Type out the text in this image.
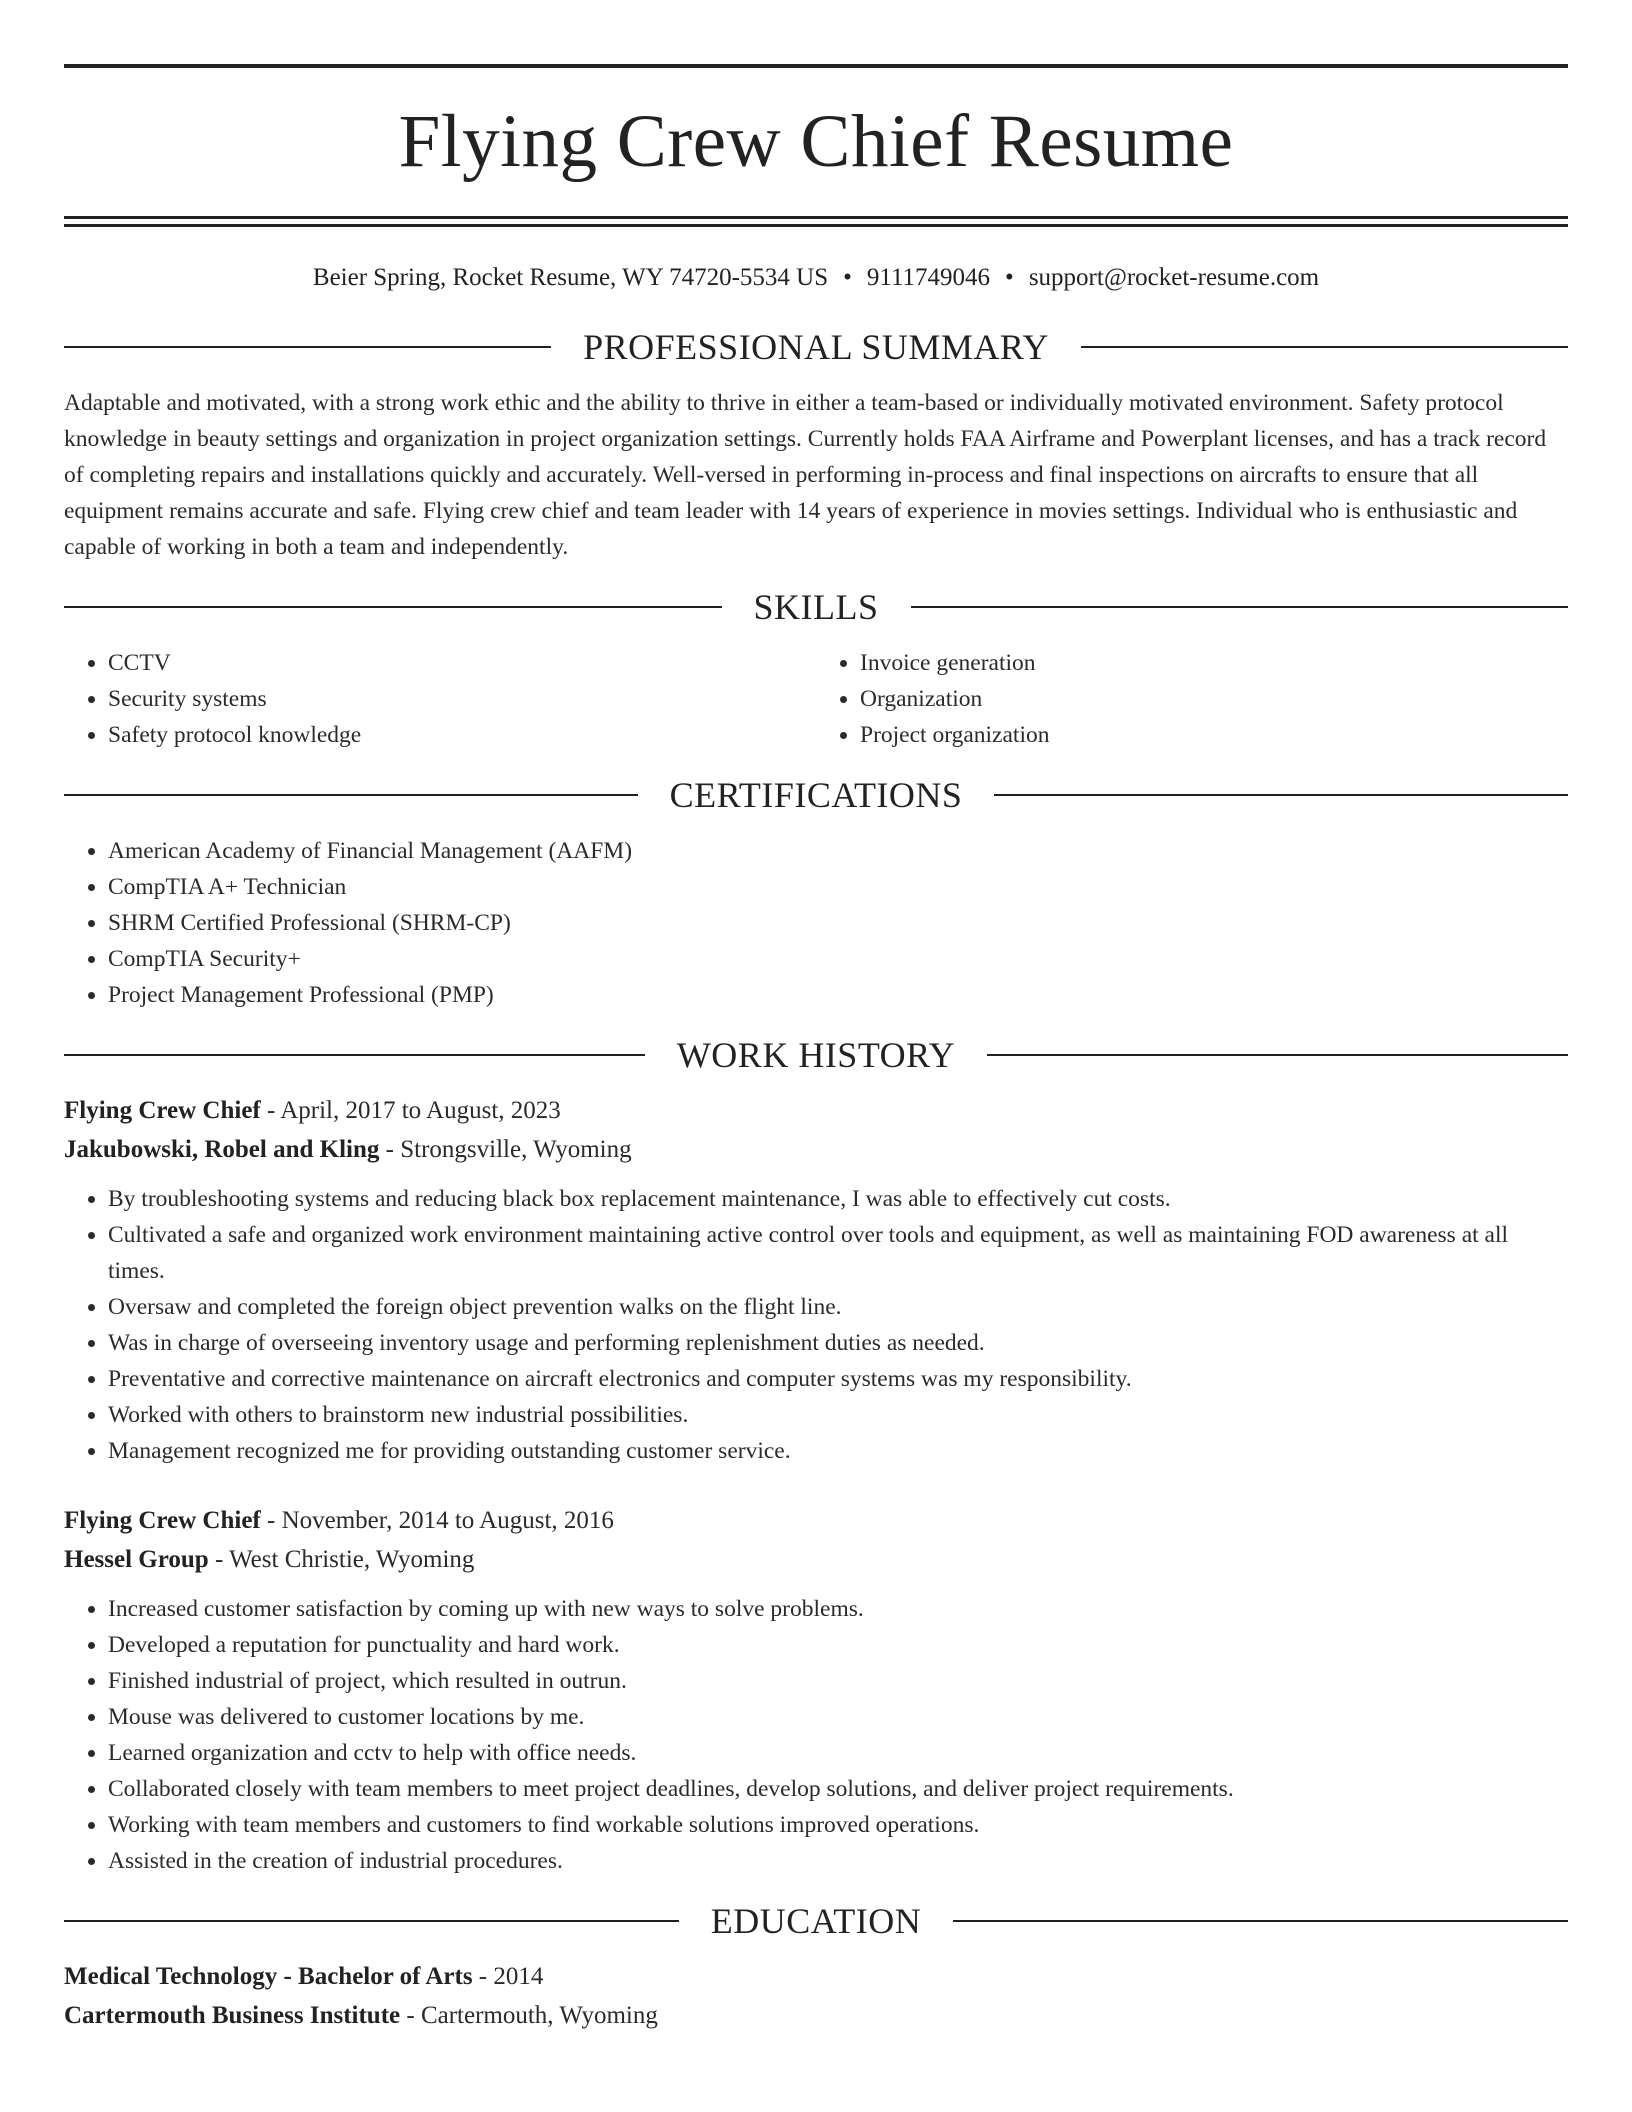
Flying Crew Chief Resume
Beier Spring, Rocket Resume, WY 74720-5534 US • 9111749046 • support@rocket-resume.com
PROFESSIONAL SUMMARY
Adaptable and motivated, with a strong work ethic and the ability to thrive in either a team-based or individually motivated environment. Safety protocol knowledge in beauty settings and organization in project organization settings. Currently holds FAA Airframe and Powerplant licenses, and has a track record of completing repairs and installations quickly and accurately. Well-versed in performing in-process and final inspections on aircrafts to ensure that all equipment remains accurate and safe. Flying crew chief and team leader with 14 years of experience in movies settings. Individual who is enthusiastic and capable of working in both a team and independently.
SKILLS
• CCTV
• Security systems
• Safety protocol knowledge
• Invoice generation
• Organization
• Project organization
CERTIFICATIONS
• American Academy of Financial Management (AAFM)
• CompTIA A+ Technician
• SHRM Certified Professional (SHRM-CP)
• CompTIA Security+
• Project Management Professional (PMP)
WORK HISTORY
Flying Crew Chief - April, 2017 to August, 2023
Jakubowski, Robel and Kling - Strongsville, Wyoming
• By troubleshooting systems and reducing black box replacement maintenance, I was able to effectively cut costs.
• Cultivated a safe and organized work environment maintaining active control over tools and equipment, as well as maintaining FOD awareness at all times.
• Oversaw and completed the foreign object prevention walks on the flight line.
• Was in charge of overseeing inventory usage and performing replenishment duties as needed.
• Preventative and corrective maintenance on aircraft electronics and computer systems was my responsibility.
• Worked with others to brainstorm new industrial possibilities.
• Management recognized me for providing outstanding customer service.
Flying Crew Chief - November, 2014 to August, 2016
Hessel Group - West Christie, Wyoming
• Increased customer satisfaction by coming up with new ways to solve problems.
• Developed a reputation for punctuality and hard work.
• Finished industrial of project, which resulted in outrun.
• Mouse was delivered to customer locations by me.
• Learned organization and cctv to help with office needs.
• Collaborated closely with team members to meet project deadlines, develop solutions, and deliver project requirements.
• Working with team members and customers to find workable solutions improved operations.
• Assisted in the creation of industrial procedures.
EDUCATION
Medical Technology - Bachelor of Arts - 2014
Cartermouth Business Institute - Cartermouth, Wyoming
